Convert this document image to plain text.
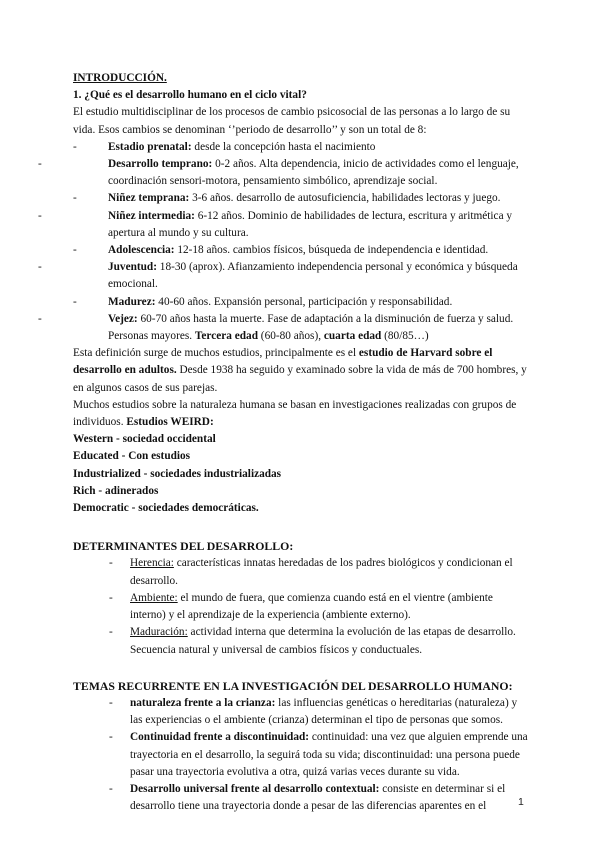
INTRODUCCIÓN.

1. ¿Qué es el desarrollo humano en el ciclo vital?

El estudio multidisciplinar de los procesos de cambio psicosocial de las personas a lo largo de su vida. Esos cambios se denominan ‘’periodo de desarrollo’’ y son un total de 8:

-	Estadio prenatal: desde la concepción hasta el nacimiento

-	Desarrollo temprano: 0-2 años. Alta dependencia, inicio de actividades como el lenguaje, coordinación sensori-motora, pensamiento simbólico, aprendizaje social.

-	Niñez temprana: 3-6 años. desarrollo de autosuficiencia, habilidades lectoras y juego.

-	Niñez intermedia: 6-12 años. Dominio de habilidades de lectura, escritura y aritmética y apertura al mundo y su cultura.

-	Adolescencia: 12-18 años. cambios físicos, búsqueda de independencia e identidad.

-	Juventud: 18-30 (aprox). Afianzamiento independencia personal y económica y búsqueda emocional.

-	Madurez: 40-60 años. Expansión personal, participación y responsabilidad.

-	Vejez: 60-70 años hasta la muerte. Fase de adaptación a la disminución de fuerza y salud. Personas mayores. Tercera edad (60-80 años), cuarta edad (80/85…)

Esta definición surge de muchos estudios, principalmente es el estudio de Harvard sobre el desarrollo en adultos. Desde 1938 ha seguido y examinado sobre la vida de más de 700 hombres, y en algunos casos de sus parejas.

Muchos estudios sobre la naturaleza humana se basan en investigaciones realizadas con grupos de individuos. Estudios WEIRD:

Western - sociedad occidental

Educated - Con estudios

Industrialized - sociedades industrializadas

Rich - adinerados

Democratic - sociedades democráticas.

DETERMINANTES DEL DESARROLLO:

-	Herencia: características innatas heredadas de los padres biológicos y condicionan el desarrollo.

-	Ambiente: el mundo de fuera, que comienza cuando está en el vientre (ambiente interno) y el aprendizaje de la experiencia (ambiente externo).

-	Maduración: actividad interna que determina la evolución de las etapas de desarrollo. Secuencia natural y universal de cambios físicos y conductuales.

TEMAS RECURRENTE EN LA INVESTIGACIÓN DEL DESARROLLO HUMANO:

-	naturaleza frente a la crianza: las influencias genéticas o hereditarias (naturaleza) y las experiencias o el ambiente (crianza) determinan el tipo de personas que somos.

-	Continuidad frente a discontinuidad: continuidad: una vez que alguien emprende una trayectoria en el desarrollo, la seguirá toda su vida; discontinuidad: una persona puede pasar una trayectoria evolutiva a otra, quizá varias veces durante su vida.

-	Desarrollo universal frente al desarrollo contextual: consiste en determinar si el desarrollo tiene una trayectoria donde a pesar de las diferencias aparentes en el	1
